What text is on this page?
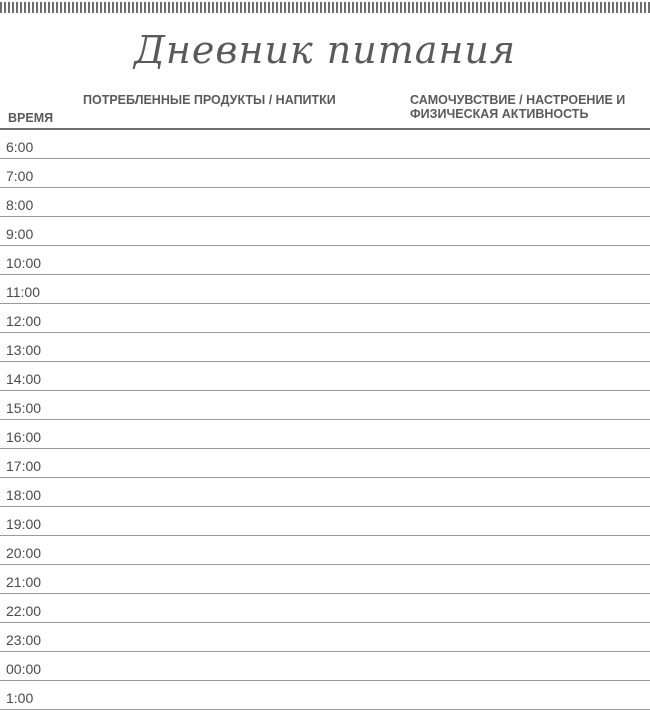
Дневник питания
ВРЕМЯ
ПОТРЕБЛЕННЫЕ ПРОДУКТЫ / НАПИТКИ	САМОЧУВСТВИЕ / НАСТРОЕНИЕ И ФИЗИЧЕСКАЯ АКТИВНОСТЬ
6:00
7:00
8:00
9:00
10:00
11:00
12:00
13:00
14:00
15:00
16:00
17:00
18:00
19:00
20:00
21:00
22:00
23:00
00:00
1:00
